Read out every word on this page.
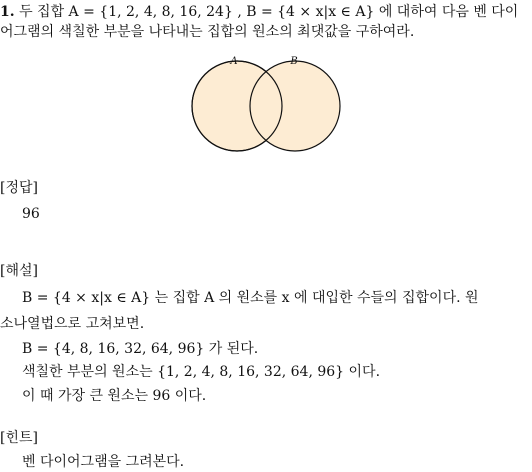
1. 두 집합 A = {1, 2, 4, 8, 16, 24} , B = {4 × x|x ∈ A} 에 대하여 다음 벤 다이
어그램의 색칠한 부분을 나타내는 집합의 원소의 최댓값을 구하여라.
A	B
[정답]
96
[해설]
B = {4 × x|x ∈ A} 는 집합 A 의 원소를 x 에 대입한 수들의 집합이다. 원
소나열법으로 고쳐보면.
B = {4, 8, 16, 32, 64, 96} 가 된다.
색칠한 부분의 원소는 {1, 2, 4, 8, 16, 32, 64, 96} 이다.
이 때 가장 큰 원소는 96 이다.
[힌트]
벤 다이어그램을 그려본다.
